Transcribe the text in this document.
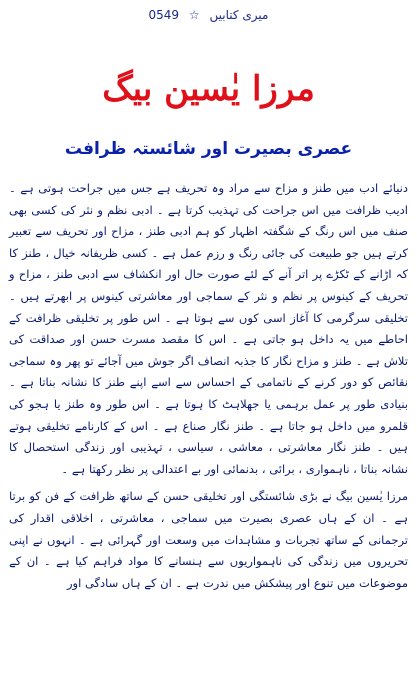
0549 ☆ میری کتابیں
مرزا یٰسین بیگ
عصری بصیرت اور شائستہ ظرافت

دنیائے ادب میں طنز و مزاح سے مراد وہ تحریف ہے جس میں جراحت ہوتی ہے ۔ ادیب ظرافت میں اس جراحت کی تہذیب کرتا ہے ۔ ادبی نظم و نثر کی کسی بھی صنف میں اس رنگ کے شگفتہ اظہار کو ہم ادبی طنز ، مزاح اور تحریف سے تعبیر کرتے ہیں جو طبیعت کی جائی رنگ و رزم عمل ہے ۔ کسی ظریفانہ خیال ، طنز کا کہ اڑانے کے ٹکڑے پر اتر آنے کے لئے صورت حال اور انکشاف سے ادبی طنز ، مزاح و تحریف کے کینوس پر نظم و نثر کے سماجی اور معاشرتی کینوس پر ابھرتے ہیں ۔ تخلیقی سرگرمی کا آغاز اسی کوں سے ہوتا ہے ۔ اس طور پر تخلیقی ظرافت کے احاطے میں یہ داخل ہو جاتی ہے ۔ اس کا مقصد مسرت حسن اور صداقت کی تلاش ہے ۔ طنز و مزاح نگار کا جذبہ انصاف اگر جوش میں آجائے تو پھر وہ سماجی نقائص کو دور کرنے کے ناتمامی کے احساس سے اسے اپنے طنز کا نشانہ بناتا ہے ۔ بنیادی طور پر عمل برہمی یا جھلاہٹ کا ہوتا ہے ۔ اس طور وہ طنز یا ہجو کی قلمرو میں داخل ہو جاتا ہے ۔ طنز نگار صناع ہے ۔ اس کے کارنامے تخلیقی ہوتے ہیں ۔ طنز نگار معاشرتی ، معاشی ، سیاسی ، تہذیبی اور زندگی استحصال کا نشانہ بناتا ، ناہمواری ، برائی ، بدنمائی اور بے اعتدالی پر نظر رکھتا ہے ۔

مرزا یٰسین بیگ نے بڑی شائستگی اور تخلیقی حسن کے ساتھ ظرافت کے فن کو برتا ہے ۔ ان کے ہاں عصری بصیرت میں سماجی ، معاشرتی ، اخلاقی اقدار کی ترجمانی کے ساتھ تجربات و مشاہدات میں وسعت اور گہرائی ہے ۔ انہوں نے اپنی تحریروں میں زندگی کی ناہمواریوں سے ہنسانے کا مواد فراہم کیا ہے ۔ ان کے موضوعات میں تنوع اور پیشکش میں ندرت ہے ۔ ان کے ہاں سادگی اور
